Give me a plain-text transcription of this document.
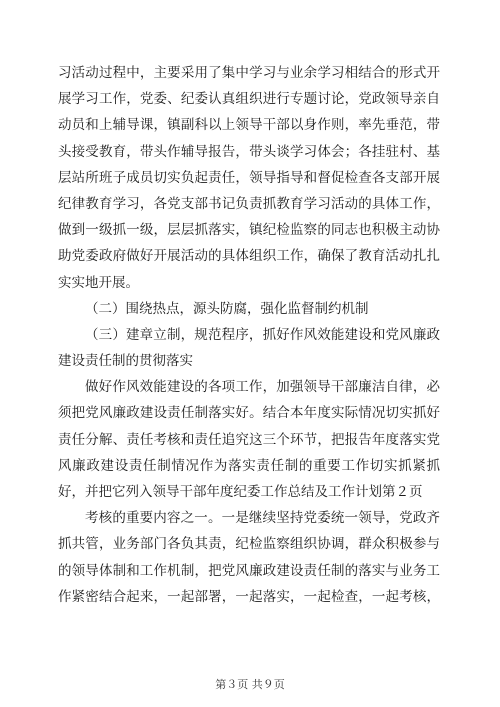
习活动过程中，主要采用了集中学习与业余学习相结合的形式开
展学习工作，党委、纪委认真组织进行专题讨论，党政领导亲自
动员和上辅导课，镇副科以上领导干部以身作则，率先垂范，带
头接受教育，带头作辅导报告，带头谈学习体会；各挂驻村、基
层站所班子成员切实负起责任，领导指导和督促检查各支部开展
纪律教育学习，各党支部书记负责抓教育学习活动的具体工作，
做到一级抓一级，层层抓落实，镇纪检监察的同志也积极主动协
助党委政府做好开展活动的具体组织工作，确保了教育活动扎扎
实实地开展。
（二）围绕热点，源头防腐，强化监督制约机制
（三）建章立制，规范程序，抓好作风效能建设和党风廉政
建设责任制的贯彻落实
做好作风效能建设的各项工作，加强领导干部廉洁自律，必
须把党风廉政建设责任制落实好。结合本年度实际情况切实抓好
责任分解、责任考核和责任追究这三个环节，把报告年度落实党
风廉政建设责任制情况作为落实责任制的重要工作切实抓紧抓
好，并把它列入领导干部年度纪委工作总结及工作计划第２页
考核的重要内容之一。一是继续坚持党委统一领导，党政齐
抓共管，业务部门各负其责，纪检监察组织协调，群众积极参与
的领导体制和工作机制，把党风廉政建设责任制的落实与业务工
作紧密结合起来，一起部署，一起落实，一起检查，一起考核，
第３页 共９页
